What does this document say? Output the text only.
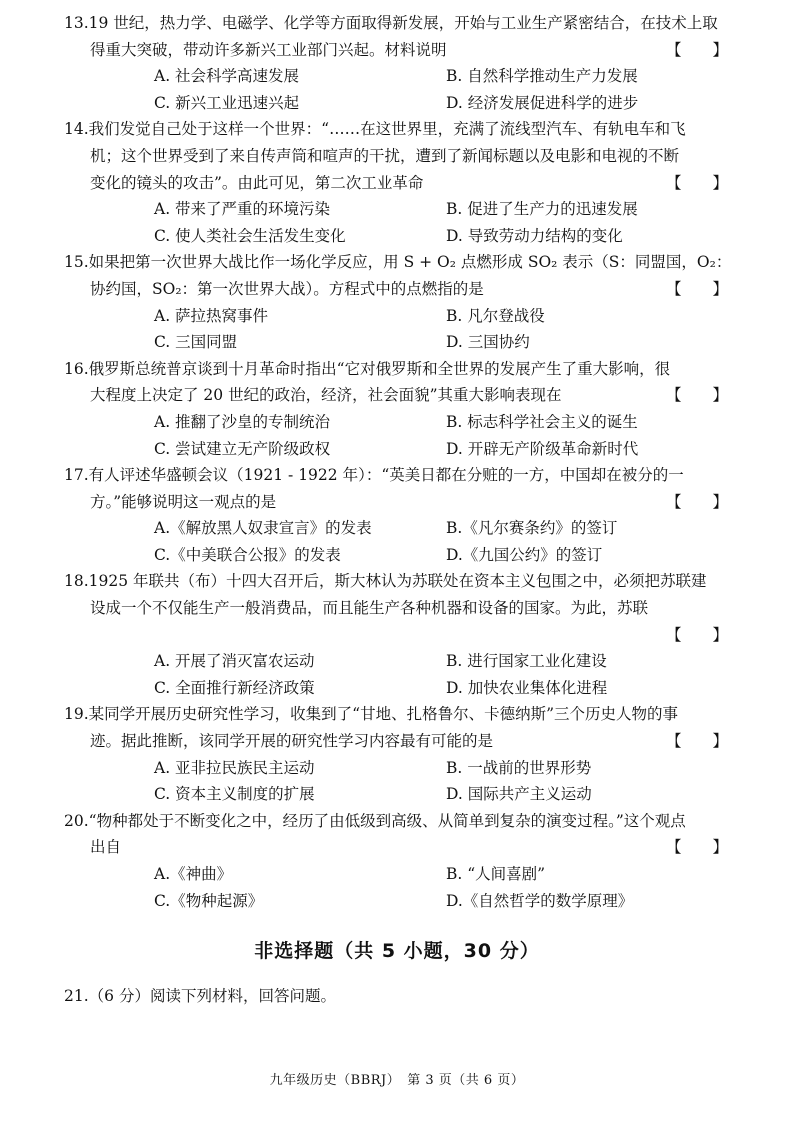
13.19 世纪，热力学、电磁学、化学等方面取得新发展，开始与工业生产紧密结合，在技术上取
得重大突破，带动许多新兴工业部门兴起。材料说明	【　　】
A. 社会科学高速发展	B. 自然科学推动生产力发展
C. 新兴工业迅速兴起	D. 经济发展促进科学的进步
14.我们发觉自己处于这样一个世界：“……在这世界里，充满了流线型汽车、有轨电车和飞
机；这个世界受到了来自传声筒和喧声的干扰，遭到了新闻标题以及电影和电视的不断
变化的镜头的攻击”。由此可见，第二次工业革命	【　　】
A. 带来了严重的环境污染	B. 促进了生产力的迅速发展
C. 使人类社会生活发生变化	D. 导致劳动力结构的变化
15.如果把第一次世界大战比作一场化学反应，用 S + O₂ 点燃形成 SO₂ 表示（S：同盟国，O₂：
协约国，SO₂：第一次世界大战）。方程式中的点燃指的是	【　　】
A. 萨拉热窝事件	B. 凡尔登战役
C. 三国同盟	D. 三国协约
16.俄罗斯总统普京谈到十月革命时指出“它对俄罗斯和全世界的发展产生了重大影响，很
大程度上决定了 20 世纪的政治，经济，社会面貌”其重大影响表现在	【　　】
A. 推翻了沙皇的专制统治	B. 标志科学社会主义的诞生
C. 尝试建立无产阶级政权	D. 开辟无产阶级革命新时代
17.有人评述华盛顿会议（1921 - 1922 年）：“英美日都在分赃的一方，中国却在被分的一
方。”能够说明这一观点的是	【　　】
A.《解放黑人奴隶宣言》的发表	B.《凡尔赛条约》的签订
C.《中美联合公报》的发表	D.《九国公约》的签订
18.1925 年联共（布）十四大召开后，斯大林认为苏联处在资本主义包围之中，必须把苏联建
设成一个不仅能生产一般消费品，而且能生产各种机器和设备的国家。为此，苏联

【　　】
A. 开展了消灭富农运动	B. 进行国家工业化建设
C. 全面推行新经济政策	D. 加快农业集体化进程
19.某同学开展历史研究性学习，收集到了“甘地、扎格鲁尔、卡德纳斯”三个历史人物的事
迹。据此推断，该同学开展的研究性学习内容最有可能的是	【　　】
A. 亚非拉民族民主运动	B. 一战前的世界形势
C. 资本主义制度的扩展	D. 国际共产主义运动
20.“物种都处于不断变化之中，经历了由低级到高级、从简单到复杂的演变过程。”这个观点
出自	【　　】
A.《神曲》	B. “人间喜剧”
C.《物种起源》	D.《自然哲学的数学原理》
非选择题（共 5 小题，30 分）
21.（6 分）阅读下列材料，回答问题。
九年级历史（BBRJ）　第 3 页（共 6 页）
